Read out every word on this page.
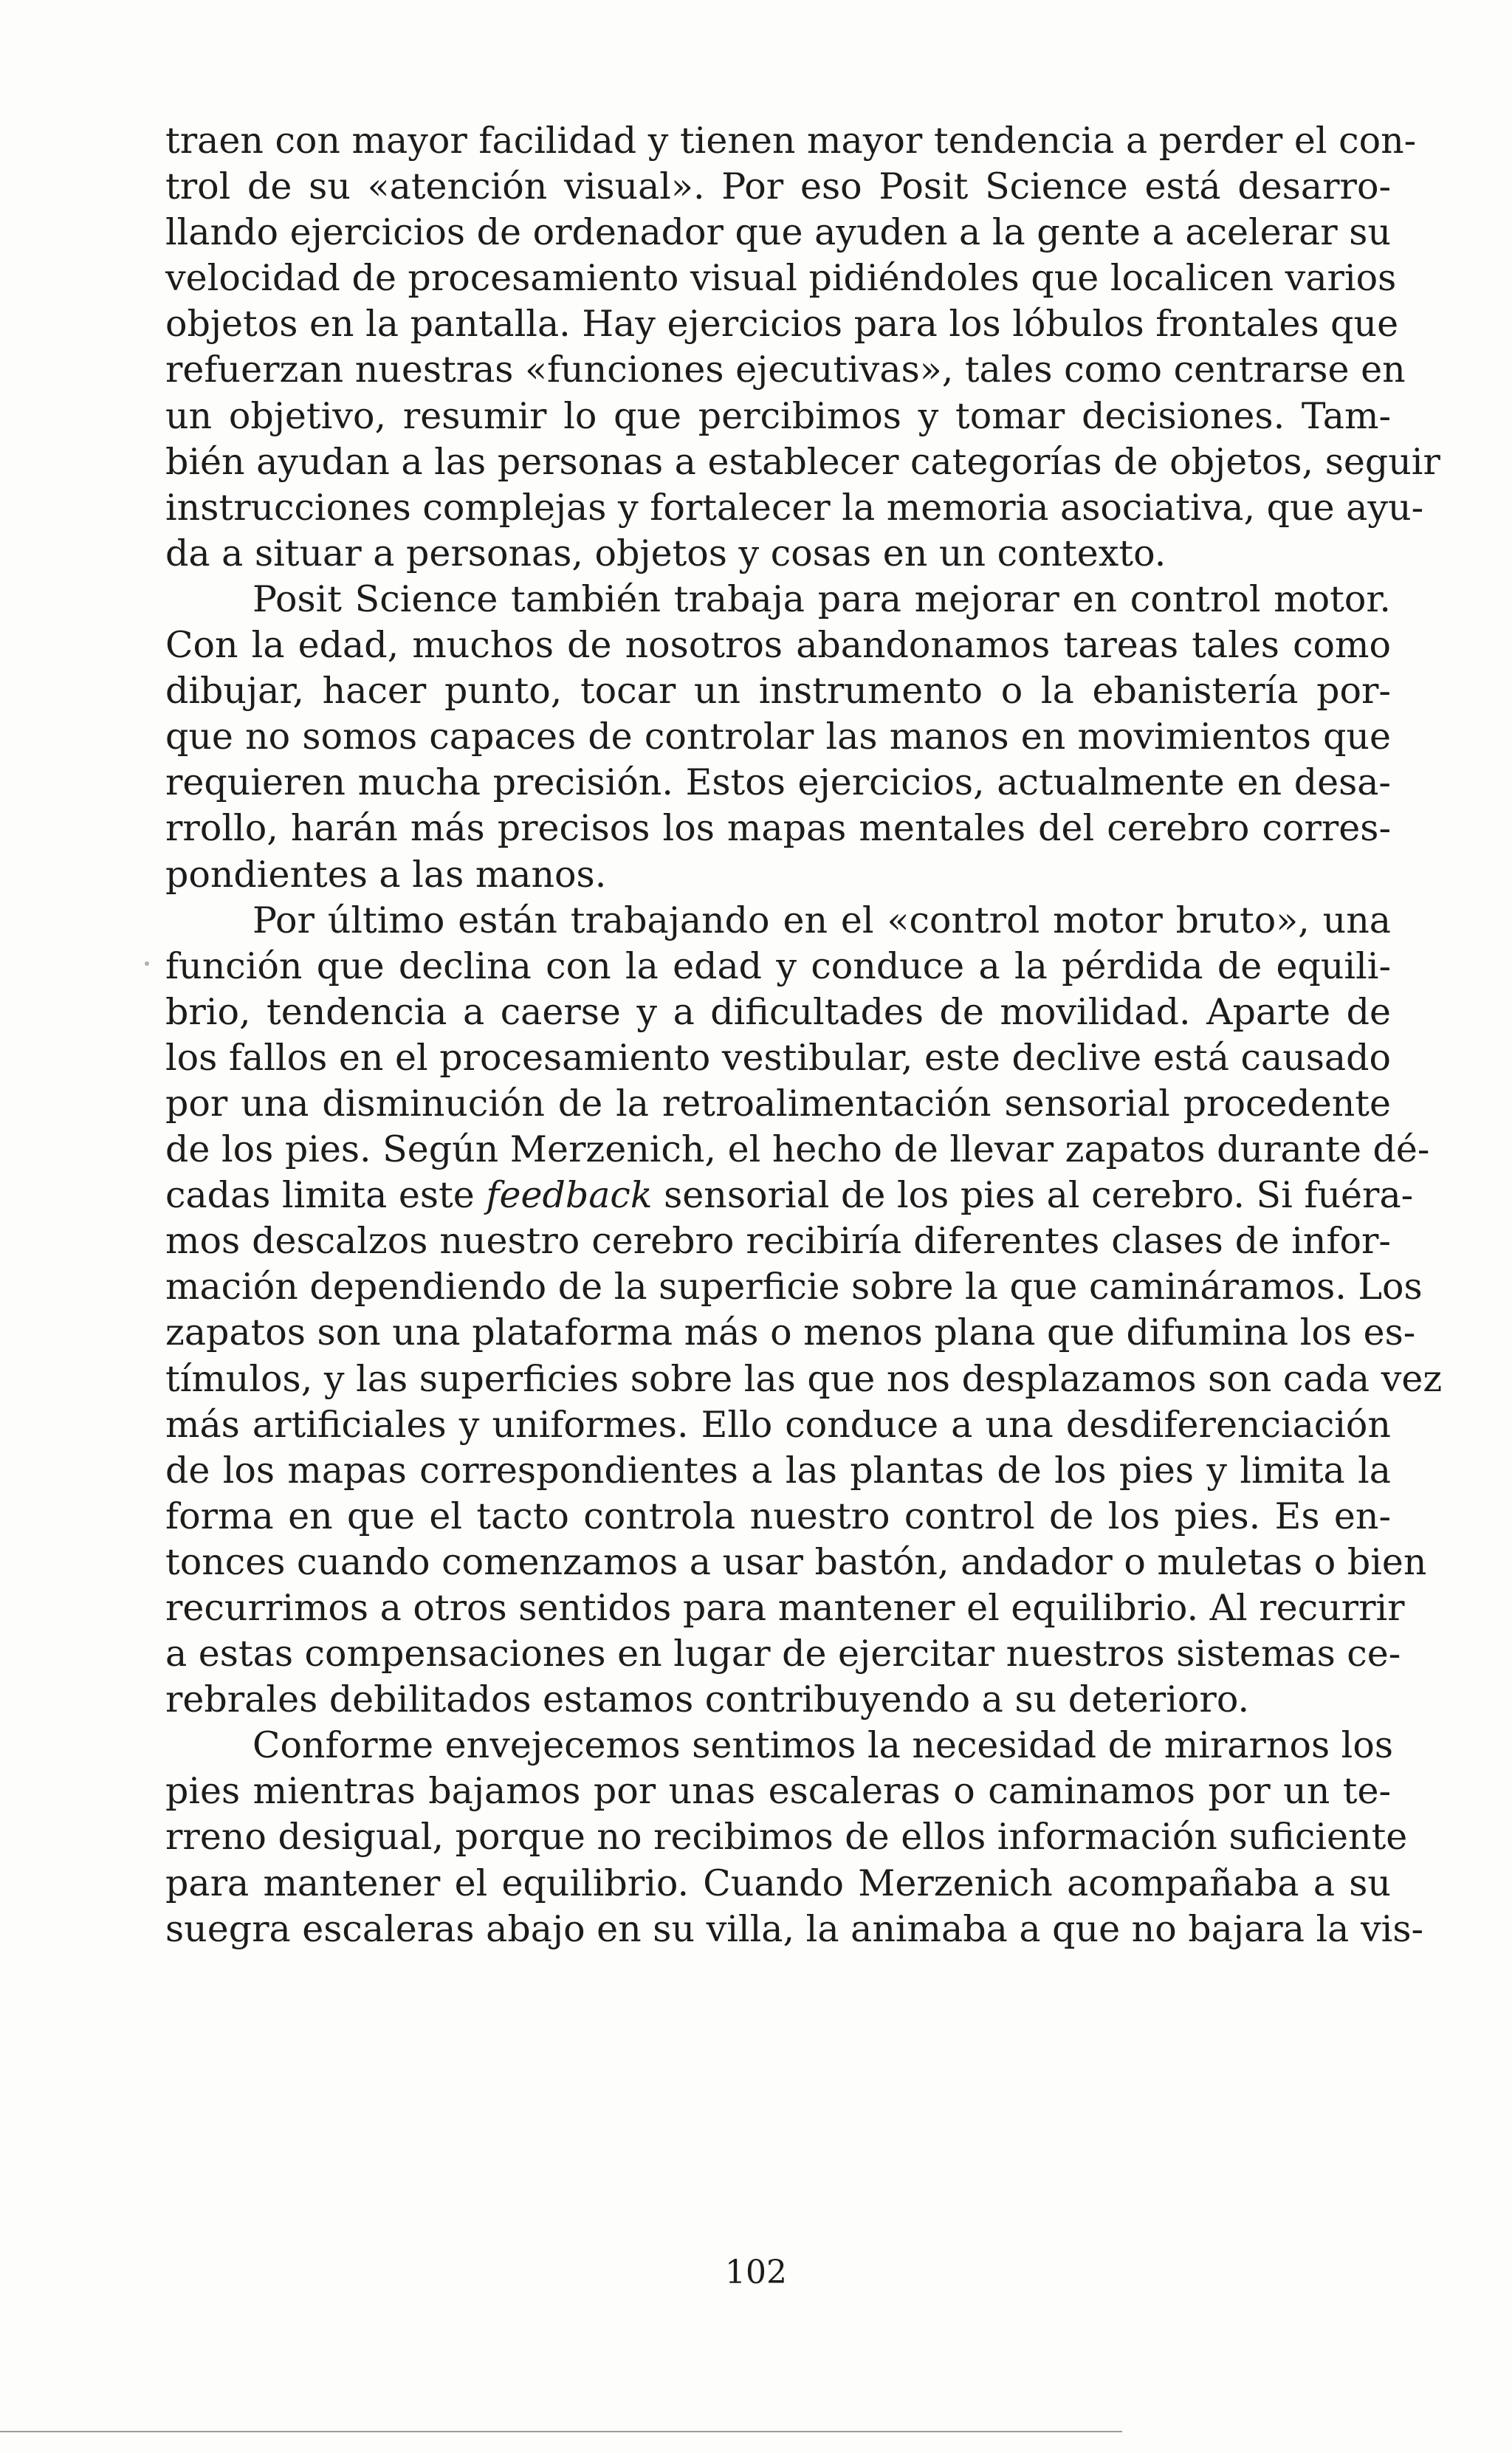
traen con mayor facilidad y tienen mayor tendencia a perder el con-
trol de su «atención visual». Por eso Posit Science está desarro-
llando ejercicios de ordenador que ayuden a la gente a acelerar su
velocidad de procesamiento visual pidiéndoles que localicen varios
objetos en la pantalla. Hay ejercicios para los lóbulos frontales que
refuerzan nuestras «funciones ejecutivas», tales como centrarse en
un objetivo, resumir lo que percibimos y tomar decisiones. Tam-
bién ayudan a las personas a establecer categorías de objetos, seguir
instrucciones complejas y fortalecer la memoria asociativa, que ayu-
da a situar a personas, objetos y cosas en un contexto.
Posit Science también trabaja para mejorar en control motor.
Con la edad, muchos de nosotros abandonamos tareas tales como
dibujar, hacer punto, tocar un instrumento o la ebanistería por-
que no somos capaces de controlar las manos en movimientos que
requieren mucha precisión. Estos ejercicios, actualmente en desa-
rrollo, harán más precisos los mapas mentales del cerebro corres-
pondientes a las manos.
Por último están trabajando en el «control motor bruto», una
función que declina con la edad y conduce a la pérdida de equili-
brio, tendencia a caerse y a dificultades de movilidad. Aparte de
los fallos en el procesamiento vestibular, este declive está causado
por una disminución de la retroalimentación sensorial procedente
de los pies. Según Merzenich, el hecho de llevar zapatos durante dé-
cadas limita este feedback sensorial de los pies al cerebro. Si fuéra-
mos descalzos nuestro cerebro recibiría diferentes clases de infor-
mación dependiendo de la superficie sobre la que camináramos. Los
zapatos son una plataforma más o menos plana que difumina los es-
tímulos, y las superficies sobre las que nos desplazamos son cada vez
más artificiales y uniformes. Ello conduce a una desdiferenciación
de los mapas correspondientes a las plantas de los pies y limita la
forma en que el tacto controla nuestro control de los pies. Es en-
tonces cuando comenzamos a usar bastón, andador o muletas o bien
recurrimos a otros sentidos para mantener el equilibrio. Al recurrir
a estas compensaciones en lugar de ejercitar nuestros sistemas ce-
rebrales debilitados estamos contribuyendo a su deterioro.
Conforme envejecemos sentimos la necesidad de mirarnos los
pies mientras bajamos por unas escaleras o caminamos por un te-
rreno desigual, porque no recibimos de ellos información suficiente
para mantener el equilibrio. Cuando Merzenich acompañaba a su
suegra escaleras abajo en su villa, la animaba a que no bajara la vis-
102
